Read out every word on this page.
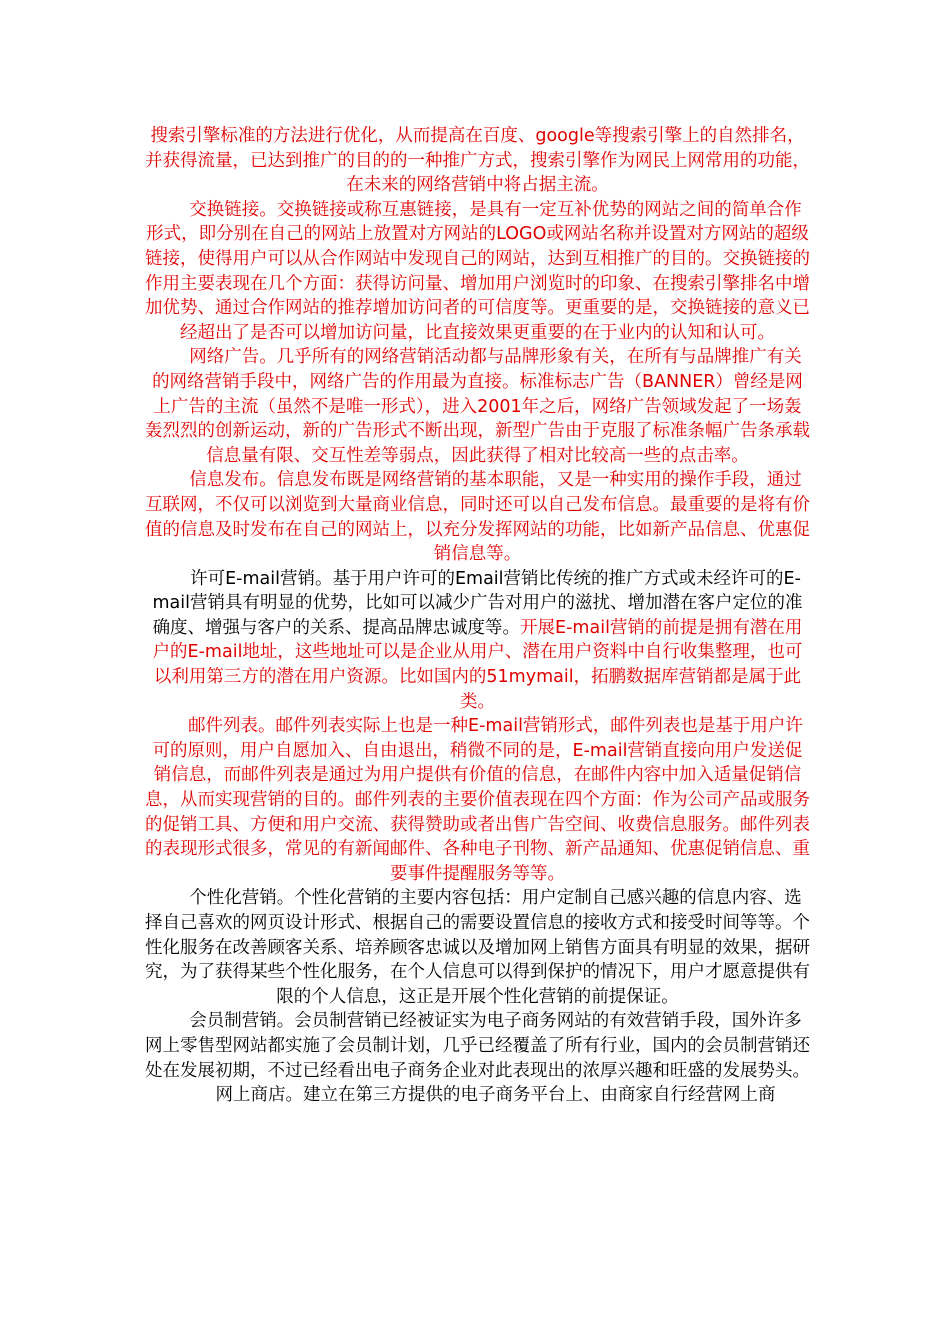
搜索引擎标准的方法进行优化，从而提高在百度、google等搜索引擎上的自然排名，并获得流量，已达到推广的目的的一种推广方式，搜索引擎作为网民上网常用的功能，在未来的网络营销中将占据主流。

交换链接。交换链接或称互惠链接，是具有一定互补优势的网站之间的简单合作形式，即分别在自己的网站上放置对方网站的LOGO或网站名称并设置对方网站的超级链接，使得用户可以从合作网站中发现自己的网站，达到互相推广的目的。交换链接的作用主要表现在几个方面：获得访问量、增加用户浏览时的印象、在搜索引擎排名中增加优势、通过合作网站的推荐增加访问者的可信度等。更重要的是，交换链接的意义已经超出了是否可以增加访问量，比直接效果更重要的在于业内的认知和认可。

网络广告。几乎所有的网络营销活动都与品牌形象有关，在所有与品牌推广有关的网络营销手段中，网络广告的作用最为直接。标准标志广告（BANNER）曾经是网上广告的主流（虽然不是唯一形式），进入2001年之后，网络广告领域发起了一场轰轰烈烈的创新运动，新的广告形式不断出现，新型广告由于克服了标准条幅广告条承载信息量有限、交互性差等弱点，因此获得了相对比较高一些的点击率。

信息发布。信息发布既是网络营销的基本职能，又是一种实用的操作手段，通过互联网，不仅可以浏览到大量商业信息，同时还可以自己发布信息。最重要的是将有价值的信息及时发布在自己的网站上，以充分发挥网站的功能，比如新产品信息、优惠促销信息等。

许可E-mail营销。基于用户许可的Email营销比传统的推广方式或未经许可的E-mail营销具有明显的优势，比如可以减少广告对用户的滋扰、增加潜在客户定位的准确度、增强与客户的关系、提高品牌忠诚度等。开展E-mail营销的前提是拥有潜在用户的E-mail地址，这些地址可以是企业从用户、潜在用户资料中自行收集整理，也可以利用第三方的潜在用户资源。比如国内的51mymail，拓鹏数据库营销都是属于此类。

邮件列表。邮件列表实际上也是一种E-mail营销形式，邮件列表也是基于用户许可的原则，用户自愿加入、自由退出，稍微不同的是，E-mail营销直接向用户发送促销信息，而邮件列表是通过为用户提供有价值的信息，在邮件内容中加入适量促销信息，从而实现营销的目的。邮件列表的主要价值表现在四个方面：作为公司产品或服务的促销工具、方便和用户交流、获得赞助或者出售广告空间、收费信息服务。邮件列表的表现形式很多，常见的有新闻邮件、各种电子刊物、新产品通知、优惠促销信息、重要事件提醒服务等等。

个性化营销。个性化营销的主要内容包括：用户定制自己感兴趣的信息内容、选择自己喜欢的网页设计形式、根据自己的需要设置信息的接收方式和接受时间等等。个性化服务在改善顾客关系、培养顾客忠诚以及增加网上销售方面具有明显的效果，据研究，为了获得某些个性化服务，在个人信息可以得到保护的情况下，用户才愿意提供有限的个人信息，这正是开展个性化营销的前提保证。

会员制营销。会员制营销已经被证实为电子商务网站的有效营销手段，国外许多网上零售型网站都实施了会员制计划，几乎已经覆盖了所有行业，国内的会员制营销还处在发展初期，不过已经看出电子商务企业对此表现出的浓厚兴趣和旺盛的发展势头。

网上商店。建立在第三方提供的电子商务平台上、由商家自行经营网上商
